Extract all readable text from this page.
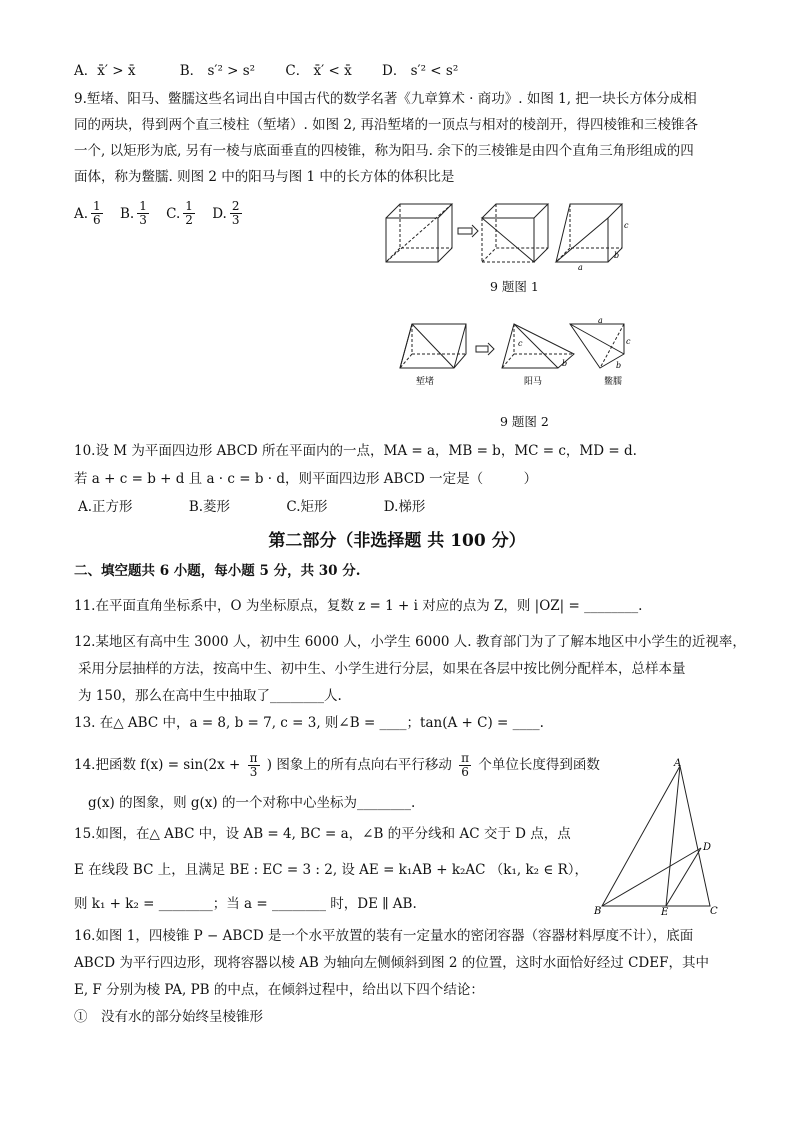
A．x̄′ > x̄	B． s′² > s² C． x̄′ < x̄ D． s′² < s²
9.堑堵、阳马、鳖臑这些名词出自中国古代的数学名著《九章算术 · 商功》. 如图 1, 把一块长方体分成相
同的两块，得到两个直三棱柱（堑堵）. 如图 2, 再沿堑堵的一顶点与相对的棱剖开，得四棱锥和三棱锥各
一个, 以矩形为底, 另有一棱与底面垂直的四棱锥，称为阳马. 余下的三棱锥是由四个直角三角形组成的四
面体，称为鳖臑. 则图 2 中的阳马与图 1 中的长方体的体积比是
A. $\frac{1}{6}$
B. $\frac{1}{3}$
C. $\frac{1}{2}$
D. $\frac{2}{3}$
a
b
c
9 题图 1
c
b
a
c
b
堑堵	阳马	鳖臑
9 题图 2
10.设 M 为平面四边形 ABCD 所在平面内的一点，MA = a，MB = b，MC = c，MD = d.
若 a + c = b + d 且 a · c = b · d，则平面四边形 ABCD 一定是（　　　）
A.正方形	B.菱形	C.矩形	D.梯形
第二部分（非选择题 共 100 分）
二、填空题共 6 小题，每小题 5 分，共 30 分.
11.在平面直角坐标系中，O 为坐标原点，复数 z = 1 + i 对应的点为 Z，则 |OZ| = ________.
12.某地区有高中生 3000 人，初中生 6000 人，小学生 6000 人. 教育部门为了了解本地区中小学生的近视率，
采用分层抽样的方法，按高中生、初中生、小学生进行分层，如果在各层中按比例分配样本，总样本量
为 150，那么在高中生中抽取了________人.
13. 在△ ABC 中，a = 8, b = 7, c = 3, 则∠B = ____；tan(A + C) = ____.
14.把函数 $f(x) = \sin(2x + \frac{\pi}{3}$ ) 图象上的所有点向右平行移动 $\frac{\pi}{6}$ 个单位长度得到函数
g(x) 的图象，则 g(x) 的一个对称中心坐标为________.
15.如图，在△ ABC 中，设 AB = 4, BC = a，∠B 的平分线和 AC 交于 D 点，点
E 在线段 BC 上，且满足 BE : EC = 3 : 2, 设 AE = k₁AB + k₂AC （k₁, k₂ ∈ R），
则 k₁ + k₂ = ________；当 a = ________ 时，DE ∥ AB.
A
B	C
D
E
16.如图 1，四棱锥 P − ABCD 是一个水平放置的装有一定量水的密闭容器（容器材料厚度不计），底面
ABCD 为平行四边形，现将容器以棱 AB 为轴向左侧倾斜到图 2 的位置，这时水面恰好经过 CDEF，其中
E, F 分别为棱 PA, PB 的中点，在倾斜过程中，给出以下四个结论：
①　没有水的部分始终呈棱锥形
